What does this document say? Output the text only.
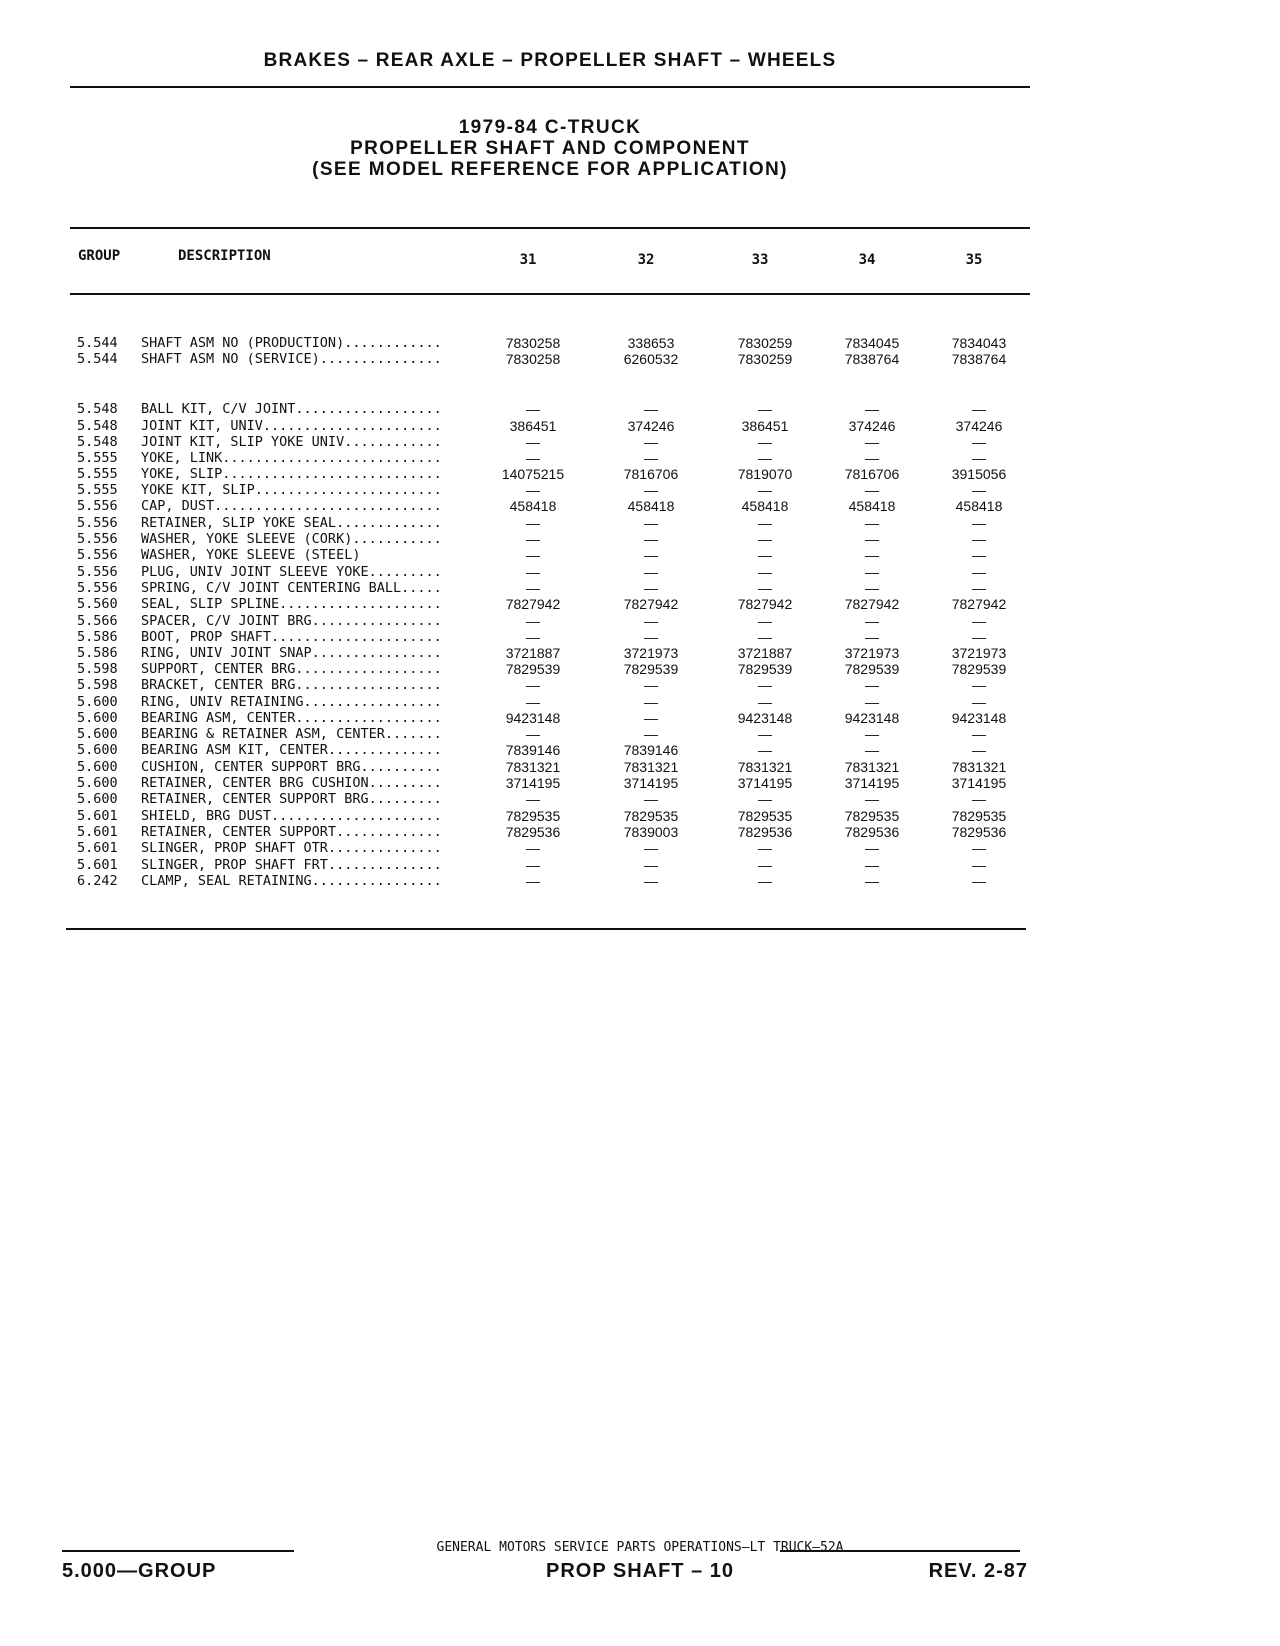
BRAKES – REAR AXLE – PROPELLER SHAFT – WHEELS
1979-84 C-TRUCK
PROPELLER SHAFT AND COMPONENT
(SEE MODEL REFERENCE FOR APPLICATION)
GROUP	DESCRIPTION	31	32	33	34	35
5.544	SHAFT ASM NO (PRODUCTION)............	7830258	338653	7830259	7834045	7834043
5.544	SHAFT ASM NO (SERVICE)...............	7830258	6260532	7830259	7838764	7838764
5.548	BALL KIT, C/V JOINT..................	—	—	—	—	—
5.548	JOINT KIT, UNIV......................	386451	374246	386451	374246	374246
5.548	JOINT KIT, SLIP YOKE UNIV............	—	—	—	—	—
5.555	YOKE, LINK...........................	—	—	—	—	—
5.555	YOKE, SLIP...........................	14075215	7816706	7819070	7816706	3915056
5.555	YOKE KIT, SLIP.......................	—	—	—	—	—
5.556	CAP, DUST............................	458418	458418	458418	458418	458418
5.556	RETAINER, SLIP YOKE SEAL.............	—	—	—	—	—
5.556	WASHER, YOKE SLEEVE (CORK)...........	—	—	—	—	—
5.556	WASHER, YOKE SLEEVE (STEEL)	—	—	—	—	—
5.556	PLUG, UNIV JOINT SLEEVE YOKE.........	—	—	—	—	—
5.556	SPRING, C/V JOINT CENTERING BALL.....	—	—	—	—	—
5.560	SEAL, SLIP SPLINE....................	7827942	7827942	7827942	7827942	7827942
5.566	SPACER, C/V JOINT BRG................	—	—	—	—	—
5.586	BOOT, PROP SHAFT.....................	—	—	—	—	—
5.586	RING, UNIV JOINT SNAP................	3721887	3721973	3721887	3721973	3721973
5.598	SUPPORT, CENTER BRG..................	7829539	7829539	7829539	7829539	7829539
5.598	BRACKET, CENTER BRG..................	—	—	—	—	—
5.600	RING, UNIV RETAINING.................	—	—	—	—	—
5.600	BEARING ASM, CENTER..................	9423148	—	9423148	9423148	9423148
5.600	BEARING & RETAINER ASM, CENTER.......	—	—	—	—	—
5.600	BEARING ASM KIT, CENTER..............	7839146	7839146	—	—	—
5.600	CUSHION, CENTER SUPPORT BRG..........	7831321	7831321	7831321	7831321	7831321
5.600	RETAINER, CENTER BRG CUSHION.........	3714195	3714195	3714195	3714195	3714195
5.600	RETAINER, CENTER SUPPORT BRG.........	—	—	—	—	—
5.601	SHIELD, BRG DUST.....................	7829535	7829535	7829535	7829535	7829535
5.601	RETAINER, CENTER SUPPORT.............	7829536	7839003	7829536	7829536	7829536
5.601	SLINGER, PROP SHAFT OTR..............	—	—	—	—	—
5.601	SLINGER, PROP SHAFT FRT..............	—	—	—	—	—
6.242	CLAMP, SEAL RETAINING................	—	—	—	—	—
GENERAL MOTORS SERVICE PARTS OPERATIONS—LT TRUCK—52A
5.000—GROUP	PROP SHAFT – 10	REV. 2-87
